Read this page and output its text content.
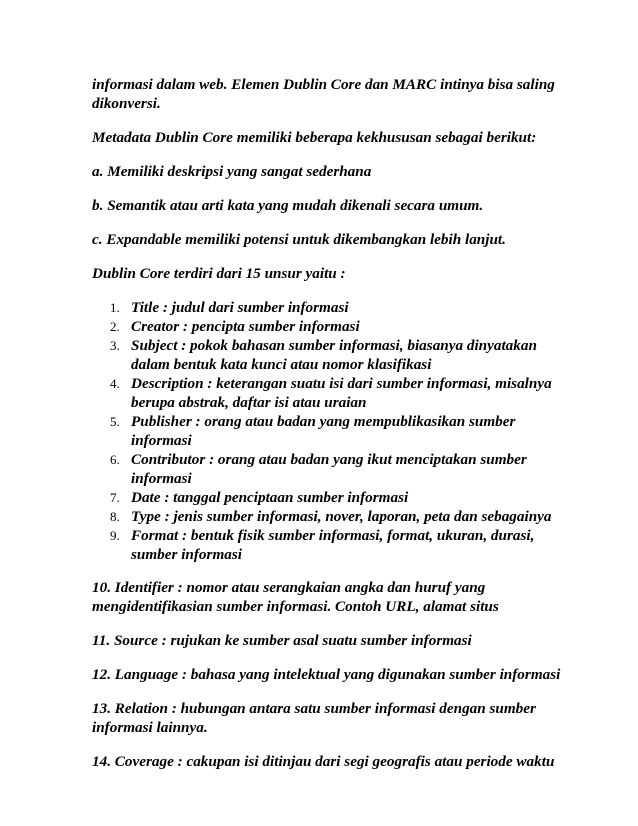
informasi dalam web. Elemen Dublin Core dan MARC intinya bisa saling dikonversi.

Metadata Dublin Core memiliki beberapa kekhususan sebagai berikut:

a. Memiliki deskripsi yang sangat sederhana

b. Semantik atau arti kata yang mudah dikenali secara umum.

c. Expandable memiliki potensi untuk dikembangkan lebih lanjut.

Dublin Core terdiri dari 15 unsur yaitu :

1. Title : judul dari sumber informasi
2. Creator : pencipta sumber informasi
3. Subject : pokok bahasan sumber informasi, biasanya dinyatakan dalam bentuk kata kunci atau nomor klasifikasi
4. Description : keterangan suatu isi dari sumber informasi, misalnya berupa abstrak, daftar isi atau uraian
5. Publisher : orang atau badan yang mempublikasikan sumber informasi
6. Contributor : orang atau badan yang ikut menciptakan sumber informasi
7. Date : tanggal penciptaan sumber informasi
8. Type : jenis sumber informasi, nover, laporan, peta dan sebagainya
9. Format : bentuk fisik sumber informasi, format, ukuran, durasi, sumber informasi

10. Identifier : nomor atau serangkaian angka dan huruf yang mengidentifikasian sumber informasi. Contoh URL, alamat situs

11. Source : rujukan ke sumber asal suatu sumber informasi

12. Language : bahasa yang intelektual yang digunakan sumber informasi

13. Relation : hubungan antara satu sumber informasi dengan sumber informasi lainnya.

14. Coverage : cakupan isi ditinjau dari segi geografis atau periode waktu
